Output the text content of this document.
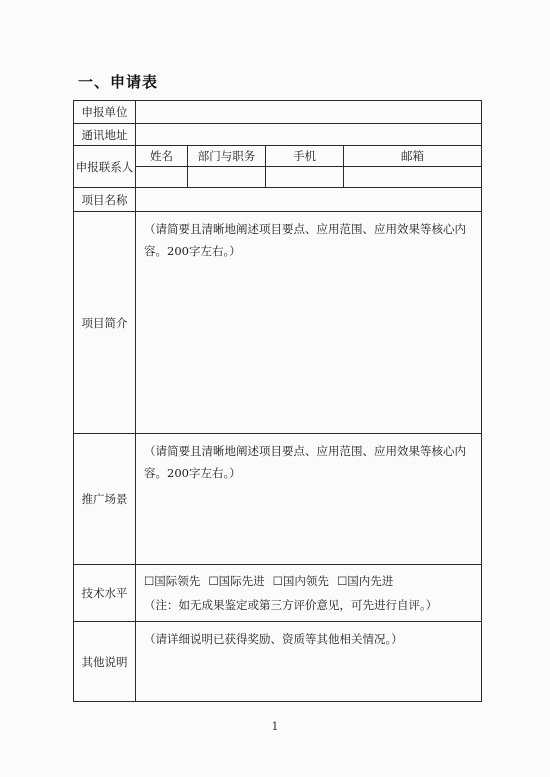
一、申请表
申报单位				
通讯地址				
申报联系人	姓名	部门与职务	手机	邮箱

项目名称				
项目简介	（请简要且清晰地阐述项目要点、应用范围、应用效果等核心内容。200字左右。）			

推广场景	（请简要且清晰地阐述项目要点、应用范围、应用效果等核心内容。200字左右。）			

技术水平	☐国际领先 ☐国际先进 ☐国内领先 ☐国内先进
（注：如无成果鉴定或第三方评价意见，可先进行自评。）			

其他说明	（请详细说明已获得奖励、资质等其他相关情况。）			
1
